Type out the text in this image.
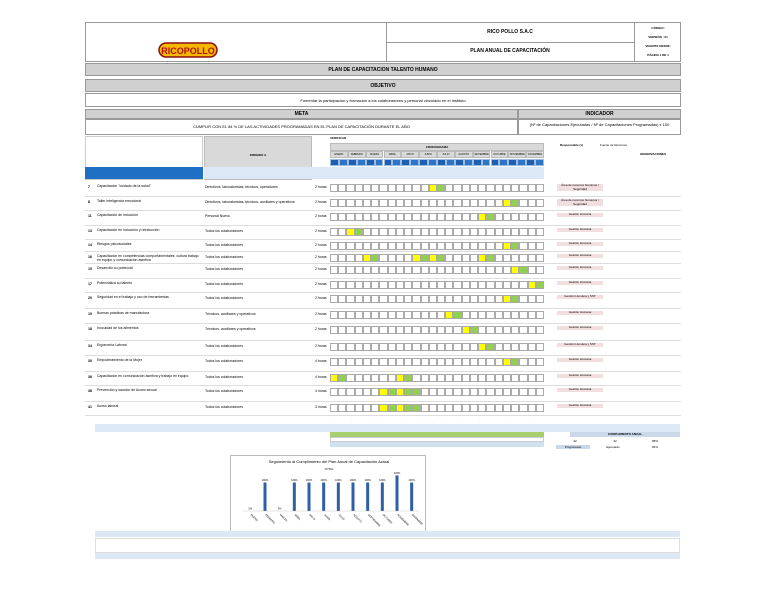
RICO POLLO S.A.C
PLAN ANUAL DE CAPACITACIÓN
CÓDIGO:
VERSIÓN : 01
VIGENTE DESDE:
PÁGINA 1 DE 1
RICOPOLLO
PLAN DE CAPACITACION TALENTO HUMANO
OBJETIVO
Fomentar la participacion y formacion a los colaboradores y personal vinculado en el Instituto
META	INDICADOR
CUMPLIR CON EL 84 % DE LAS ACTIVIDADES PROGRAMADAS EN EL PLAN DE CAPACITACIÓN DURANTE EL AÑO	(Nº de Capacitaciones Ejecutadas / Nº de Capacitaciones Programadas) x 100
DIRIGIDO A
VERIFICAR
CRONOGRAMA	Responsable (s)	Fuente de Recursos
OBSERVACIONES
ENERO	FEBRERO	MARZO	ABRIL	MAYO	JUNIO	JULIO	AGOSTO	SETIEMBRE	OCTUBRE	NOVIEMBRE	DICIEMBRE
7 Capacitación "cuidado de la salud"	Directivos, laboratoristas, técnicos, operadores	2 horas	Área de recursos humanos / Seguridad
8 Taller Inteligencia emocional	Directivos, laboratoristas, técnicos, auxiliares y operativos	2 horas	Área de recursos humanos / Seguridad
11 Capacitación de inducción	Personal Nuevo	2 horas	Gestión Humana
13 Capacitación en inducción y reinducción	Todos los colaboradores	2 horas	Gestión Humana
14 Riesgos psicosociales	Todos los colaboradores	2 horas	Gestión Humana
16 Capacitación en competencias comportamentales: cultura trabajo en equipo y comunicación asertiva
Todos los colaboradores	2 horas	Gestión Humana
15 Desarrollo su potencial	Todos los colaboradores	2 horas	Gestión Humana
17 Potencializa su talento	Todos los colaboradores	2 horas	Gestión Humana
20 Seguridad en el trabajo y uso de herramientas	Todos los colaboradores	2 horas	Gestión Humana y SST
19 Buenas prácticas de manufactura	Técnicos, auxiliares y operativos	2 horas	Gestión Humana
18 Inocuidad de los alimentos	Técnicos, auxiliares y operativos	2 horas	Gestión Humana
34 Ergonomía Laboral	Todos los colaboradores	2 horas	Gestión Humana y SST
30 Empoderamiento de la Mujer	Todos los colaboradores	4 horas	Gestión Humana
36 Capacitación en comunicación asertiva y trabajo en equipo	Todos los colaboradores	4 horas	Gestión Humana
38 Prevención y sanción de Acoso sexual	Todos los colaboradores	4 horas	Gestión Humana
41 Acoso laboral	Todos los colaboradores	3 horas	Gestión Humana
· · · · · · · · · · · · · · · · · · · · · · · · ·
CUMPLIMIENTO ANUAL
42	42	98%
Programado	Ejecutado	84%
Seguimiento al Cumplimiento del Plan Anual de Capacitación Actual
TOTAL
0%
ENERO
100%
FEBRERO
0%
MARZO
100%
ABRIL
100%
MAYO
100%
JUNIO
100%
JULIO
100%
AGOSTO
100%
SEPTIEMBRE
100%
OCTUBRE
125%
NOVIEMBRE
100%
DICIEMBRE
